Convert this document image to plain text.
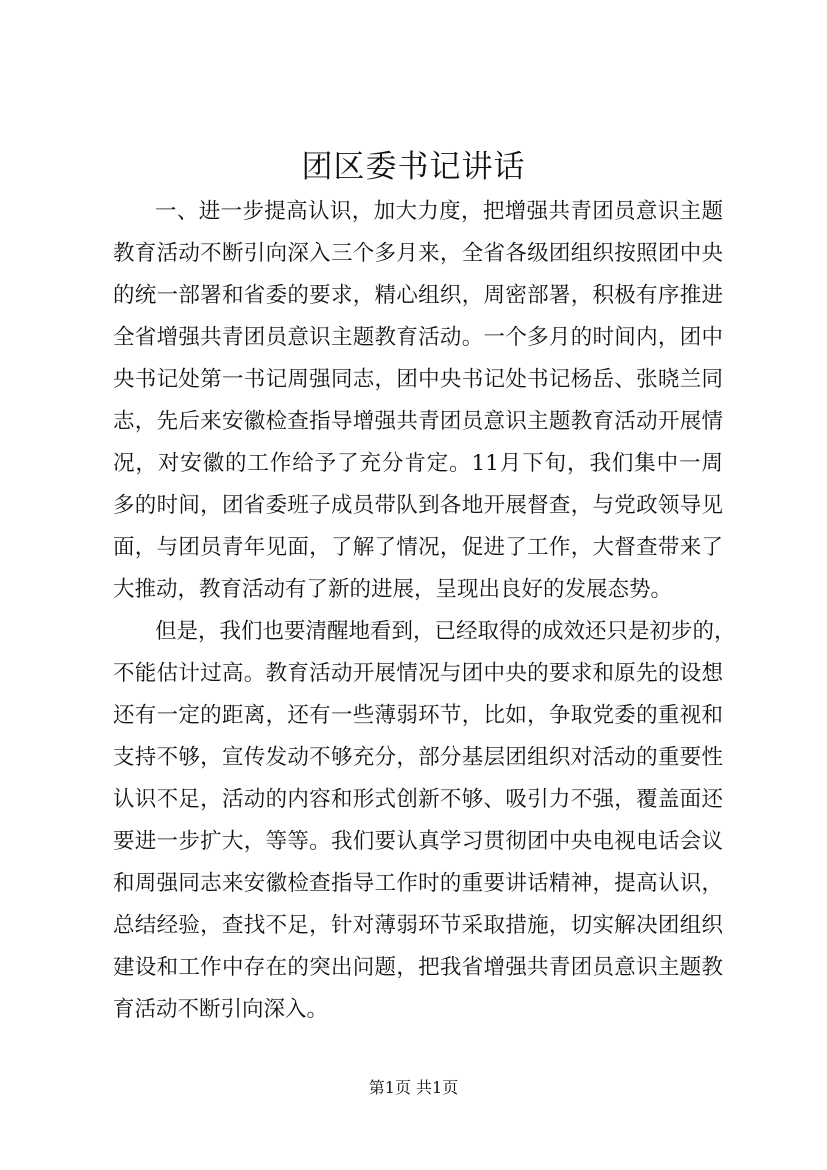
团区委书记讲话
一、进一步提高认识，加大力度，把增强共青团员意识主题
教育活动不断引向深入三个多月来，全省各级团组织按照团中央
的统一部署和省委的要求，精心组织，周密部署，积极有序推进
全省增强共青团员意识主题教育活动。一个多月的时间内，团中
央书记处第一书记周强同志，团中央书记处书记杨岳、张晓兰同
志，先后来安徽检查指导增强共青团员意识主题教育活动开展情
况，对安徽的工作给予了充分肯定。11月下旬，我们集中一周
多的时间，团省委班子成员带队到各地开展督查，与党政领导见
面，与团员青年见面，了解了情况，促进了工作，大督查带来了
大推动，教育活动有了新的进展，呈现出良好的发展态势。
但是，我们也要清醒地看到，已经取得的成效还只是初步的，
不能估计过高。教育活动开展情况与团中央的要求和原先的设想
还有一定的距离，还有一些薄弱环节，比如，争取党委的重视和
支持不够，宣传发动不够充分，部分基层团组织对活动的重要性
认识不足，活动的内容和形式创新不够、吸引力不强，覆盖面还
要进一步扩大，等等。我们要认真学习贯彻团中央电视电话会议
和周强同志来安徽检查指导工作时的重要讲话精神，提高认识，
总结经验，查找不足，针对薄弱环节采取措施，切实解决团组织
建设和工作中存在的突出问题，把我省增强共青团员意识主题教
育活动不断引向深入。
第1页 共1页
